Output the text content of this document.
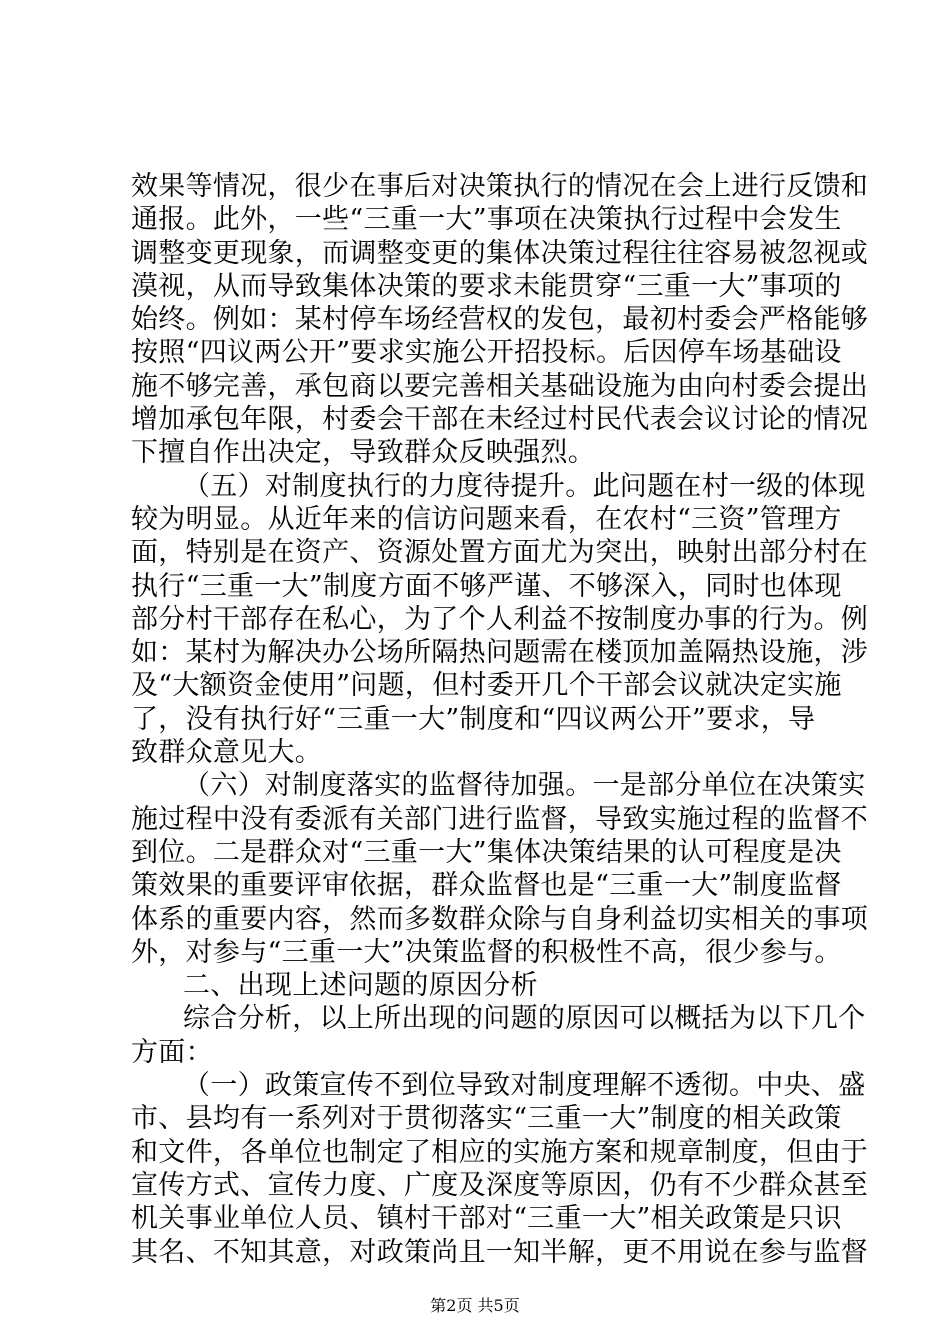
效果等情况，很少在事后对决策执行的情况在会上进行反馈和
通报。此外，一些“三重一大”事项在决策执行过程中会发生
调整变更现象，而调整变更的集体决策过程往往容易被忽视或
漠视，从而导致集体决策的要求未能贯穿“三重一大”事项的
始终。例如：某村停车场经营权的发包，最初村委会严格能够
按照“四议两公开”要求实施公开招投标。后因停车场基础设
施不够完善，承包商以要完善相关基础设施为由向村委会提出
增加承包年限，村委会干部在未经过村民代表会议讨论的情况
下擅自作出决定，导致群众反映强烈。
（五）对制度执行的力度待提升。此问题在村一级的体现
较为明显。从近年来的信访问题来看，在农村“三资”管理方
面，特别是在资产、资源处置方面尤为突出，映射出部分村在
执行“三重一大”制度方面不够严谨、不够深入，同时也体现
部分村干部存在私心，为了个人利益不按制度办事的行为。例
如：某村为解决办公场所隔热问题需在楼顶加盖隔热设施，涉
及“大额资金使用”问题，但村委开几个干部会议就决定实施
了，没有执行好“三重一大”制度和“四议两公开”要求，导
致群众意见大。
（六）对制度落实的监督待加强。一是部分单位在决策实
施过程中没有委派有关部门进行监督，导致实施过程的监督不
到位。二是群众对“三重一大”集体决策结果的认可程度是决
策效果的重要评审依据，群众监督也是“三重一大”制度监督
体系的重要内容，然而多数群众除与自身利益切实相关的事项
外，对参与“三重一大”决策监督的积极性不高，很少参与。
二、出现上述问题的原因分析
综合分析，以上所出现的问题的原因可以概括为以下几个
方面：
（一）政策宣传不到位导致对制度理解不透彻。中央、盛
市、县均有一系列对于贯彻落实“三重一大”制度的相关政策
和文件，各单位也制定了相应的实施方案和规章制度，但由于
宣传方式、宣传力度、广度及深度等原因，仍有不少群众甚至
机关事业单位人员、镇村干部对“三重一大”相关政策是只识
其名、不知其意，对政策尚且一知半解，更不用说在参与监督
第2页 共5页
